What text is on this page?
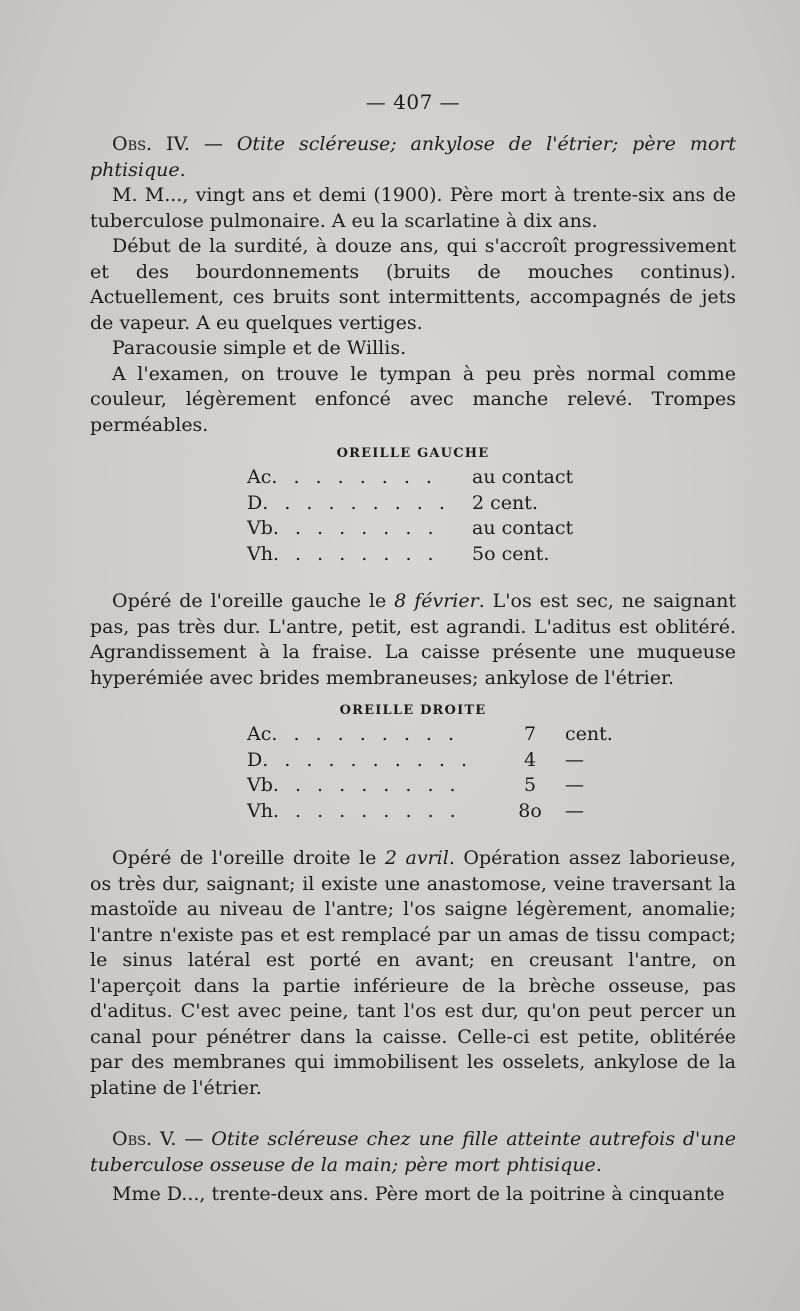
— 407 —

Obs. IV. — Otite scléreuse; ankylose de l'étrier; père mort phtisique.

M. M..., vingt ans et demi (1900). Père mort à trente-six ans de tuberculose pulmonaire. A eu la scarlatine à dix ans.

Début de la surdité, à douze ans, qui s'accroît progressivement et des bourdonnements (bruits de mouches continus). Actuellement, ces bruits sont intermittents, accompagnés de jets de vapeur. A eu quelques vertiges.

Paracousie simple et de Willis.

A l'examen, on trouve le tympan à peu près normal comme couleur, légèrement enfoncé avec manche relevé. Trompes perméables.

OREILLE GAUCHE
Ac. . . . . . . .	au contact
D. . . . . . . . .	2 cent.
Vb. . . . . . . .	au contact
Vh. . . . . . . .	5o cent.

Opéré de l'oreille gauche le 8 février. L'os est sec, ne saignant pas, pas très dur. L'antre, petit, est agrandi. L'aditus est oblitéré. Agrandissement à la fraise. La caisse présente une muqueuse hyperémiée avec brides membraneuses; ankylose de l'étrier.

OREILLE DROITE
Ac. . . . . . . . .	7	cent.
D. . . . . . . . . .	4	—
Vb. . . . . . . . .	5	—
Vh. . . . . . . . .	8o	—

Opéré de l'oreille droite le 2 avril. Opération assez laborieuse, os très dur, saignant; il existe une anastomose, veine traversant la mastoïde au niveau de l'antre; l'os saigne légèrement, anomalie; l'antre n'existe pas et est remplacé par un amas de tissu compact; le sinus latéral est porté en avant; en creusant l'antre, on l'aperçoit dans la partie inférieure de la brèche osseuse, pas d'aditus. C'est avec peine, tant l'os est dur, qu'on peut percer un canal pour pénétrer dans la caisse. Celle-ci est petite, oblitérée par des membranes qui immobilisent les osselets, ankylose de la platine de l'étrier.

Obs. V. — Otite scléreuse chez une fille atteinte autrefois d'une tuberculose osseuse de la main; père mort phtisique.

Mme D..., trente-deux ans. Père mort de la poitrine à cinquante
